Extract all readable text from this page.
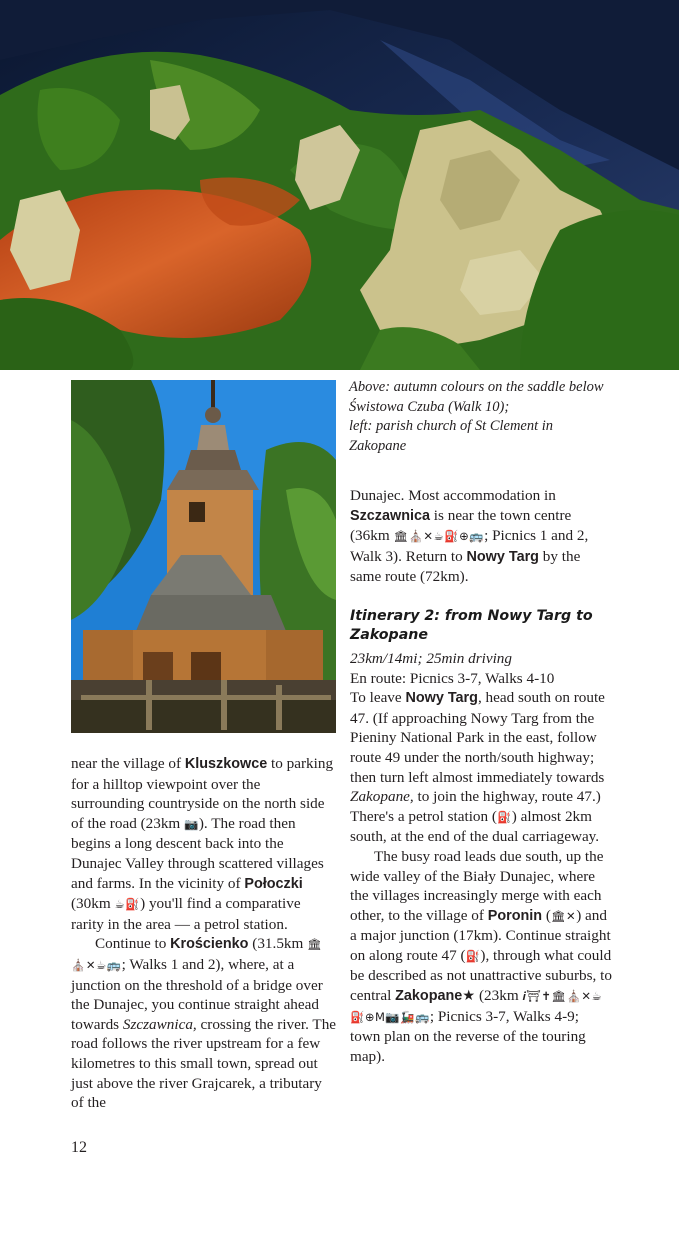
Above: autumn colours on the saddle below Świstowa Czuba (Walk 10);
left: parish church of St Clement in Zakopane

near the village of Kluszkowce to parking for a hilltop viewpoint over the surrounding countryside on the north side of the road (23km 📷). The road then begins a long descent back into the Dunajec Valley through scattered villages and farms. In the vicinity of Połoczki (30km ☕⛽) you'll find a comparative rarity in the area — a petrol station.

Continue to Krościenko (31.5km 🏛⛪✕☕🚌; Walks 1 and 2), where, at a junction on the threshold of a bridge over the Dunajec, you continue straight ahead towards Szczawnica, crossing the river. The road follows the river upstream for a few kilometres to this small town, spread out just above the river Grajcarek, a tributary of the

Dunajec. Most accommodation in Szczawnica is near the town centre (36km 🏛⛪✕☕⛽⊕🚌; Picnics 1 and 2, Walk 3). Return to Nowy Targ by the same route (72km).

Itinerary 2: from Nowy Targ to Zakopane

23km/14mi; 25min driving

En route: Picnics 3-7, Walks 4-10

To leave Nowy Targ, head south on route 47. (If approaching Nowy Targ from the Pieniny National Park in the east, follow route 49 under the north/south highway; then turn left almost immediately towards Zakopane, to join the highway, route 47.) There's a petrol station (⛽) almost 2km south, at the end of the dual carriageway.

The busy road leads due south, up the wide valley of the Biały Dunajec, where the villages increasingly merge with each other, to the village of Poronin (🏛✕) and a major junction (17km). Continue straight on along route 47 (⛽), through what could be described as not unattractive suburbs, to central Zakopane★ (23km 𝒊⛩✝🏛⛪✕☕⛽⊕M📷🚂🚌; Picnics 3-7, Walks 4-9; town plan on the reverse of the touring map).

12
